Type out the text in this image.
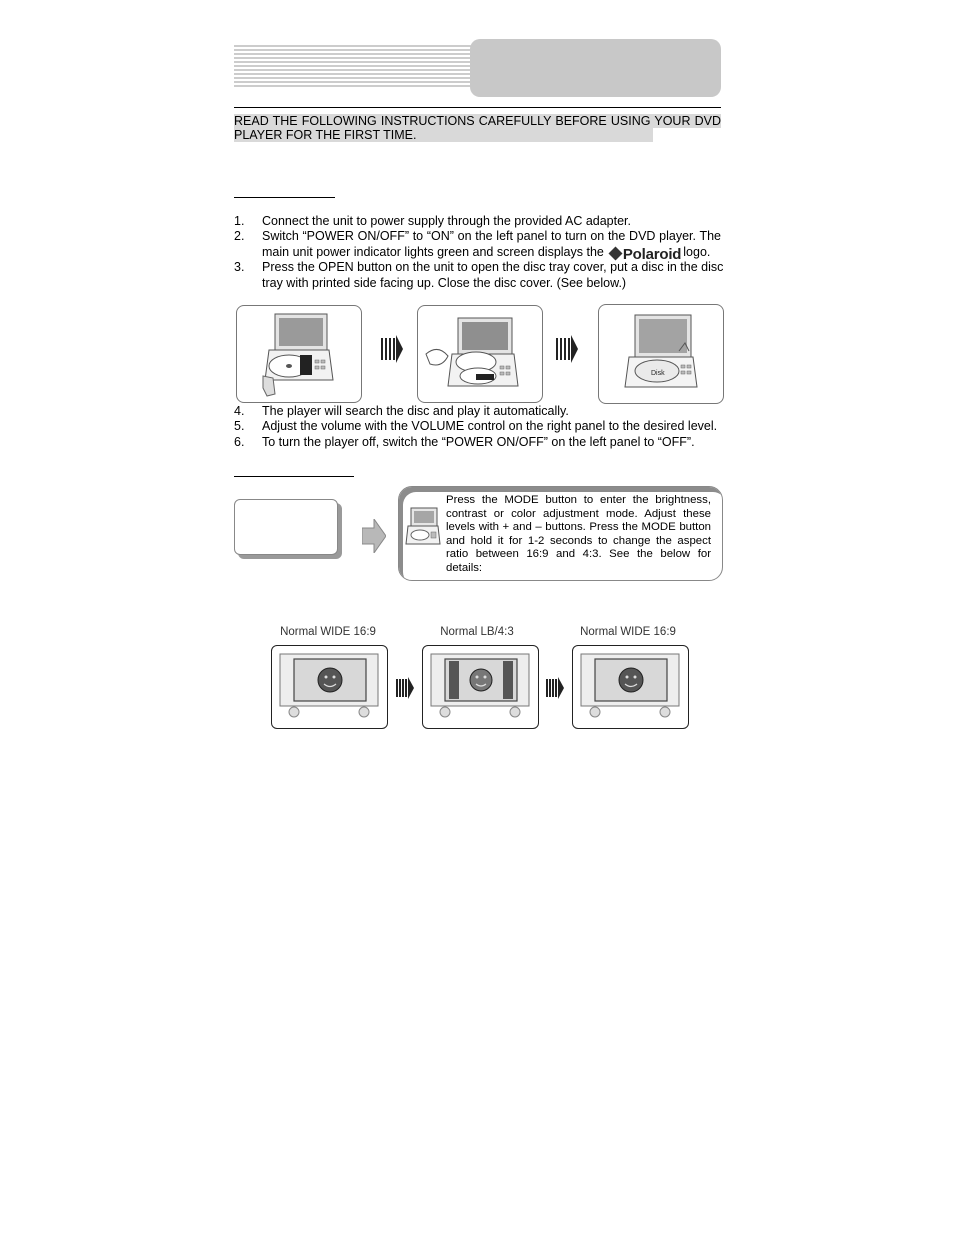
READ THE FOLLOWING INSTRUCTIONS CAREFULLY BEFORE USING YOUR DVD
PLAYER FOR THE FIRST TIME.
1.	Connect the unit to power supply through the provided AC adapter.
2.	Switch “POWER ON/OFF” to “ON” on the left panel to turn on the DVD player. The
main unit power indicator lights green and screen displays the Polaroid logo.
3.	Press the OPEN button on the unit to open the disc tray cover, put a disc in the disc
tray with printed side facing up. Close the disc cover. (See below.)
Disk
4.	The player will search the disc and play it automatically.
5.	Adjust the volume with the VOLUME control on the right panel to the desired level.
6.	To turn the player off, switch the “POWER ON/OFF” on the left panel to “OFF”.
Press the MODE button to enter the brightness, contrast or color adjustment mode. Adjust these levels with + and – buttons. Press the MODE button and hold it for 1-2 seconds to change the aspect ratio between 16:9 and 4:3. See the below for details:
Normal WIDE 16:9	Normal LB/4:3	Normal WIDE 16:9
